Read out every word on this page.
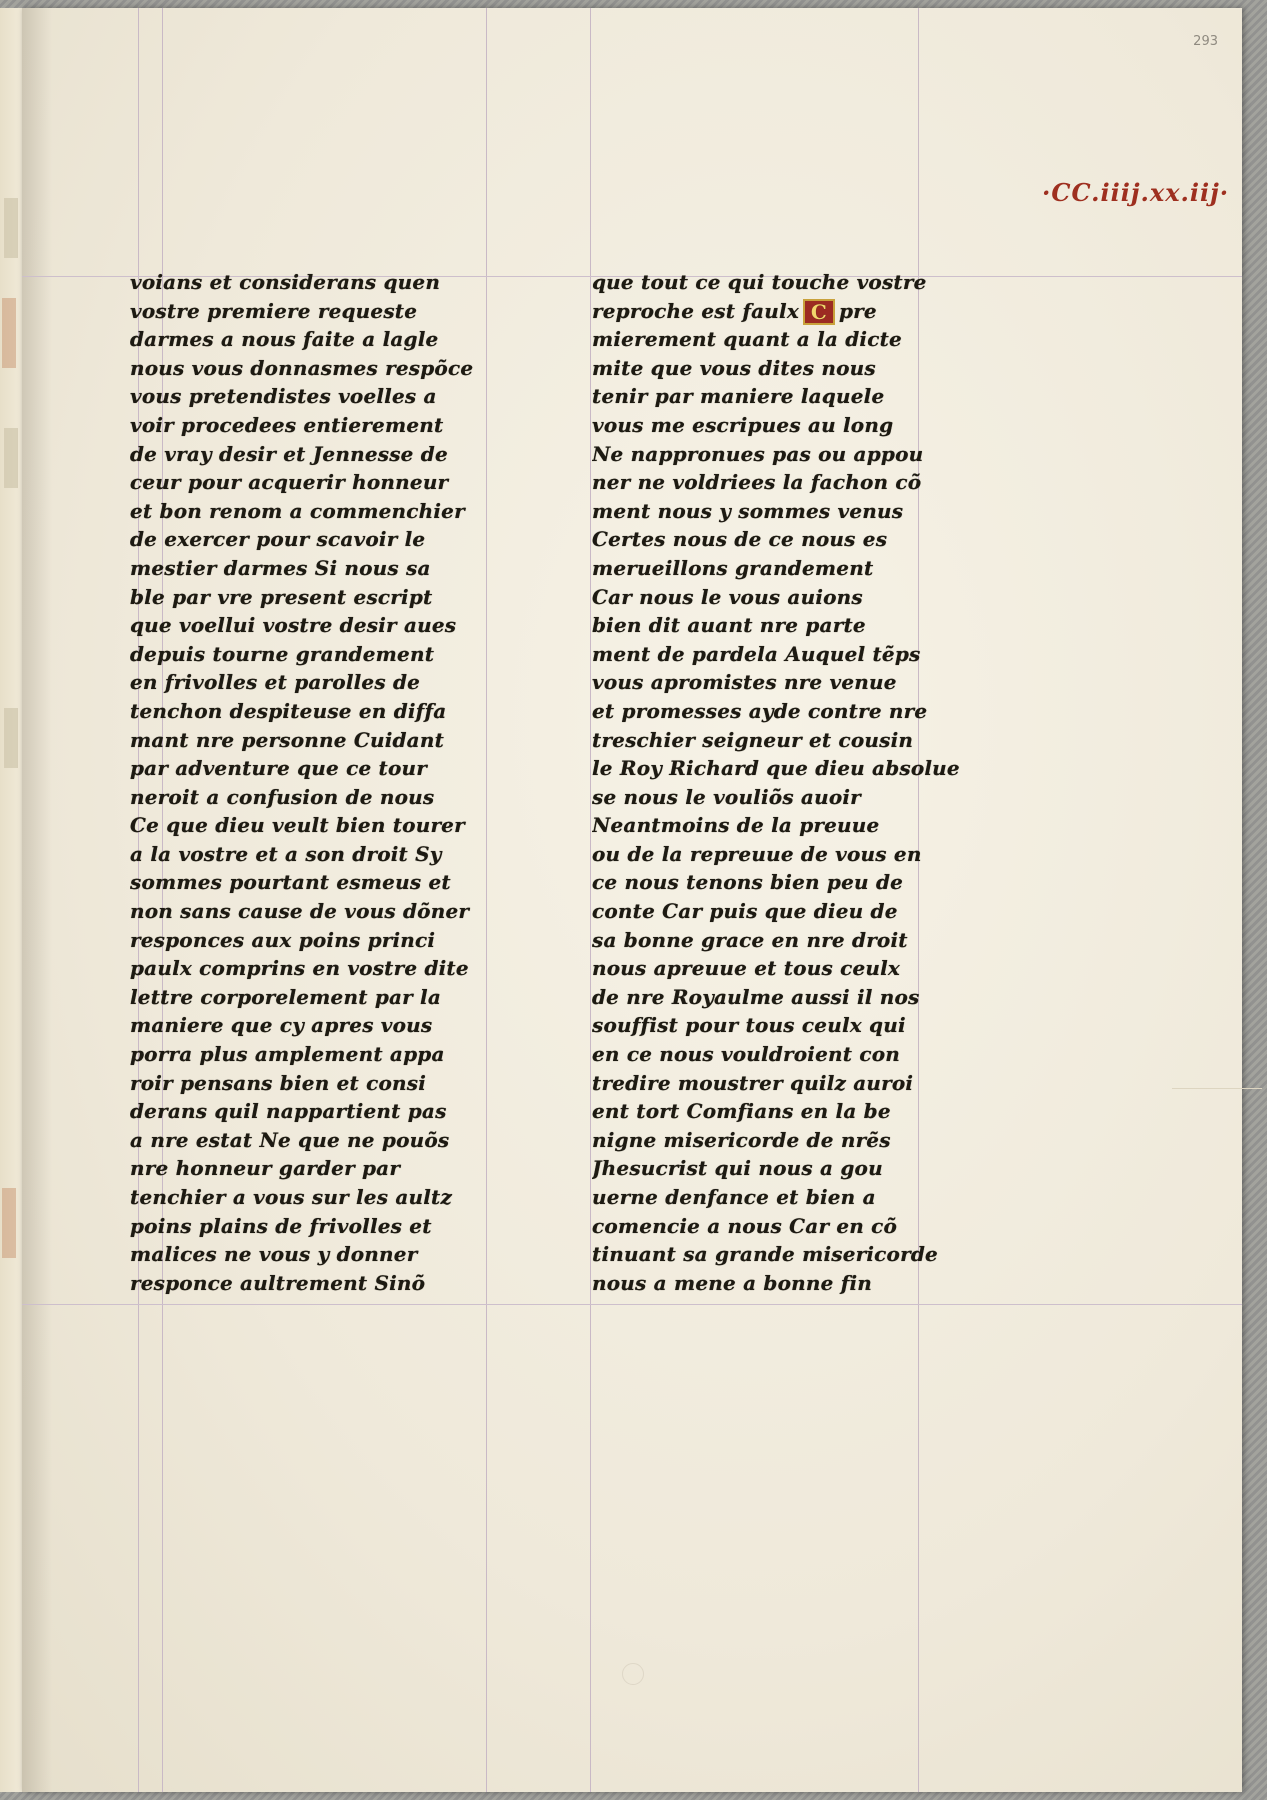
293
·CC.iiij.xx.iij·
voians et considerans quen
vostre premiere requeste
darmes a nous faite a lagle
nous vous donnasmes respõce
vous pretendistes voelles a
voir procedees entierement
de vray desir et Jennesse de
ceur pour acquerir honneur
et bon renom a commenchier
de exercer pour scavoir le
mestier darmes Si nous sa
ble par vre present escript
que voellui vostre desir aues
depuis tourne grandement
en frivolles et parolles de
tenchon despiteuse en diffa
mant nre personne Cuidant
par adventure que ce tour
neroit a confusion de nous
Ce que dieu veult bien tourer
a la vostre et a son droit Sy
sommes pourtant esmeus et
non sans cause de vous dõner
responces aux poins princi
paulx comprins en vostre dite
lettre corporelement par la
maniere que cy apres vous
porra plus amplement appa
roir pensans bien et consi
derans quil nappartient pas
a nre estat Ne que ne pouõs
nre honneur garder par
tenchier a vous sur les aultz
poins plains de frivolles et
malices ne vous y donner
responce aultrement Sinõ
que tout ce qui touche vostre
reproche est faulx C pre
mierement quant a la dicte
mite que vous dites nous
tenir par maniere laquele
vous me escripues au long
Ne nappronues pas ou appou
ner ne voldriees la fachon cõ
ment nous y sommes venus
Certes nous de ce nous es
merueillons grandement
Car nous le vous auions
bien dit auant nre parte
ment de pardela Auquel tẽps
vous apromistes nre venue
et promesses ayde contre nre
treschier seigneur et cousin
le Roy Richard que dieu absolue
se nous le vouliõs auoir
Neantmoins de la preuue
ou de la repreuue de vous en
ce nous tenons bien peu de
conte Car puis que dieu de
sa bonne grace en nre droit
nous apreuue et tous ceulx
de nre Royaulme aussi il nos
souffist pour tous ceulx qui
en ce nous vouldroient con
tredire moustrer quilz auroi
ent tort Comfians en la be
nigne misericorde de nrẽs
Jhesucrist qui nous a gou
uerne denfance et bien a
comencie a nous Car en cõ
tinuant sa grande misericorde
nous a mene a bonne fin
